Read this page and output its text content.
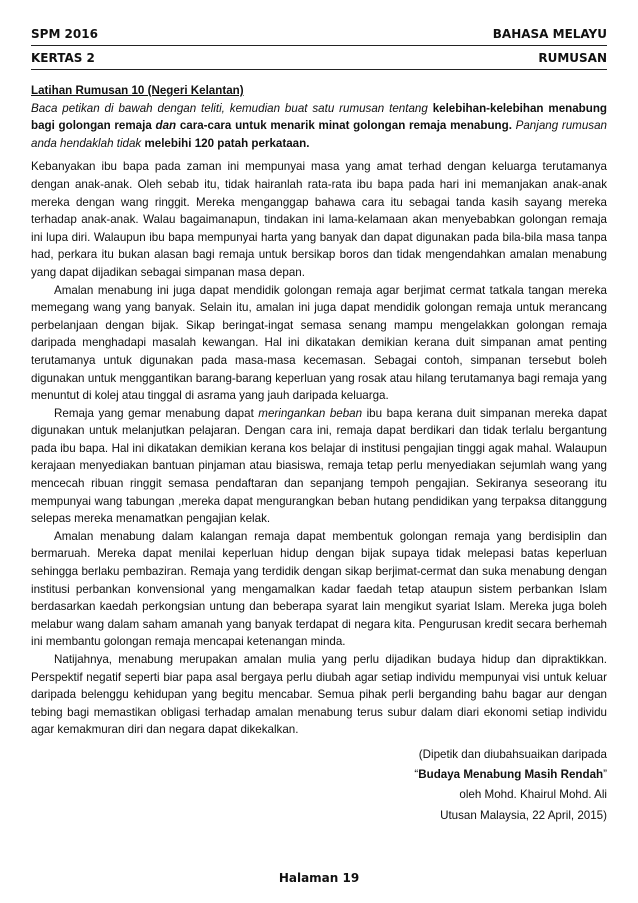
SPM 2016	BAHASA MELAYU
KERTAS 2	RUMUSAN

Latihan Rumusan 10 (Negeri Kelantan)

Baca petikan di bawah dengan teliti, kemudian buat satu rumusan tentang kelebihan-kelebihan menabung bagi golongan remaja dan cara-cara untuk menarik minat golongan remaja menabung. Panjang rumusan anda hendaklah tidak melebihi 120 patah perkataan.

Kebanyakan ibu bapa pada zaman ini mempunyai masa yang amat terhad dengan keluarga terutamanya dengan anak-anak. Oleh sebab itu, tidak hairanlah rata-rata ibu bapa pada hari ini memanjakan anak-anak mereka dengan wang ringgit. Mereka menganggap bahawa cara itu sebagai tanda kasih sayang mereka terhadap anak-anak. Walau bagaimanapun, tindakan ini lama-kelamaan akan menyebabkan golongan remaja ini lupa diri. Walaupun ibu bapa mempunyai harta yang banyak dan dapat digunakan pada bila-bila masa tanpa had, perkara itu bukan alasan bagi remaja untuk bersikap boros dan tidak mengendahkan amalan menabung yang dapat dijadikan sebagai simpanan masa depan.

Amalan menabung ini juga dapat mendidik golongan remaja agar berjimat cermat tatkala tangan mereka memegang wang yang banyak. Selain itu, amalan ini juga dapat mendidik golongan remaja untuk merancang perbelanjaan dengan bijak. Sikap beringat-ingat semasa senang mampu mengelakkan golongan remaja daripada menghadapi masalah kewangan. Hal ini dikatakan demikian kerana duit simpanan amat penting terutamanya untuk digunakan pada masa-masa kecemasan. Sebagai contoh, simpanan tersebut boleh digunakan untuk menggantikan barang-barang keperluan yang rosak atau hilang terutamanya bagi remaja yang menuntut di kolej atau tinggal di asrama yang jauh daripada keluarga.

Remaja yang gemar menabung dapat meringankan beban ibu bapa kerana duit simpanan mereka dapat digunakan untuk melanjutkan pelajaran. Dengan cara ini, remaja dapat berdikari dan tidak terlalu bergantung pada ibu bapa. Hal ini dikatakan demikian kerana kos belajar di institusi pengajian tinggi agak mahal. Walaupun kerajaan menyediakan bantuan pinjaman atau biasiswa, remaja tetap perlu menyediakan sejumlah wang yang mencecah ribuan ringgit semasa pendaftaran dan sepanjang tempoh pengajian. Sekiranya seseorang itu mempunyai wang tabungan ,mereka dapat mengurangkan beban hutang pendidikan yang terpaksa ditanggung selepas mereka menamatkan pengajian kelak.

Amalan menabung dalam kalangan remaja dapat membentuk golongan remaja yang berdisiplin dan bermaruah. Mereka dapat menilai keperluan hidup dengan bijak supaya tidak melepasi batas keperluan sehingga berlaku pembaziran. Remaja yang terdidik dengan sikap berjimat-cermat dan suka menabung dengan institusi perbankan konvensional yang mengamalkan kadar faedah tetap ataupun sistem perbankan Islam berdasarkan kaedah perkongsian untung dan beberapa syarat lain mengikut syariat Islam. Mereka juga boleh melabur wang dalam saham amanah yang banyak terdapat di negara kita. Pengurusan kredit secara berhemah ini membantu golongan remaja mencapai ketenangan minda.

Natijahnya, menabung merupakan amalan mulia yang perlu dijadikan budaya hidup dan dipraktikkan. Perspektif negatif seperti biar papa asal bergaya perlu diubah agar setiap individu mempunyai visi untuk keluar daripada belenggu kehidupan yang begitu mencabar. Semua pihak perli berganding bahu bagar aur dengan tebing bagi memastikan obligasi terhadap amalan menabung terus subur dalam diari ekonomi setiap individu agar kemakmuran diri dan negara dapat dikekalkan.

(Dipetik dan diubahsuaikan daripada

“Budaya Menabung Masih Rendah”

oleh Mohd. Khairul Mohd. Ali

Utusan Malaysia, 22 April, 2015)

Halaman 19
